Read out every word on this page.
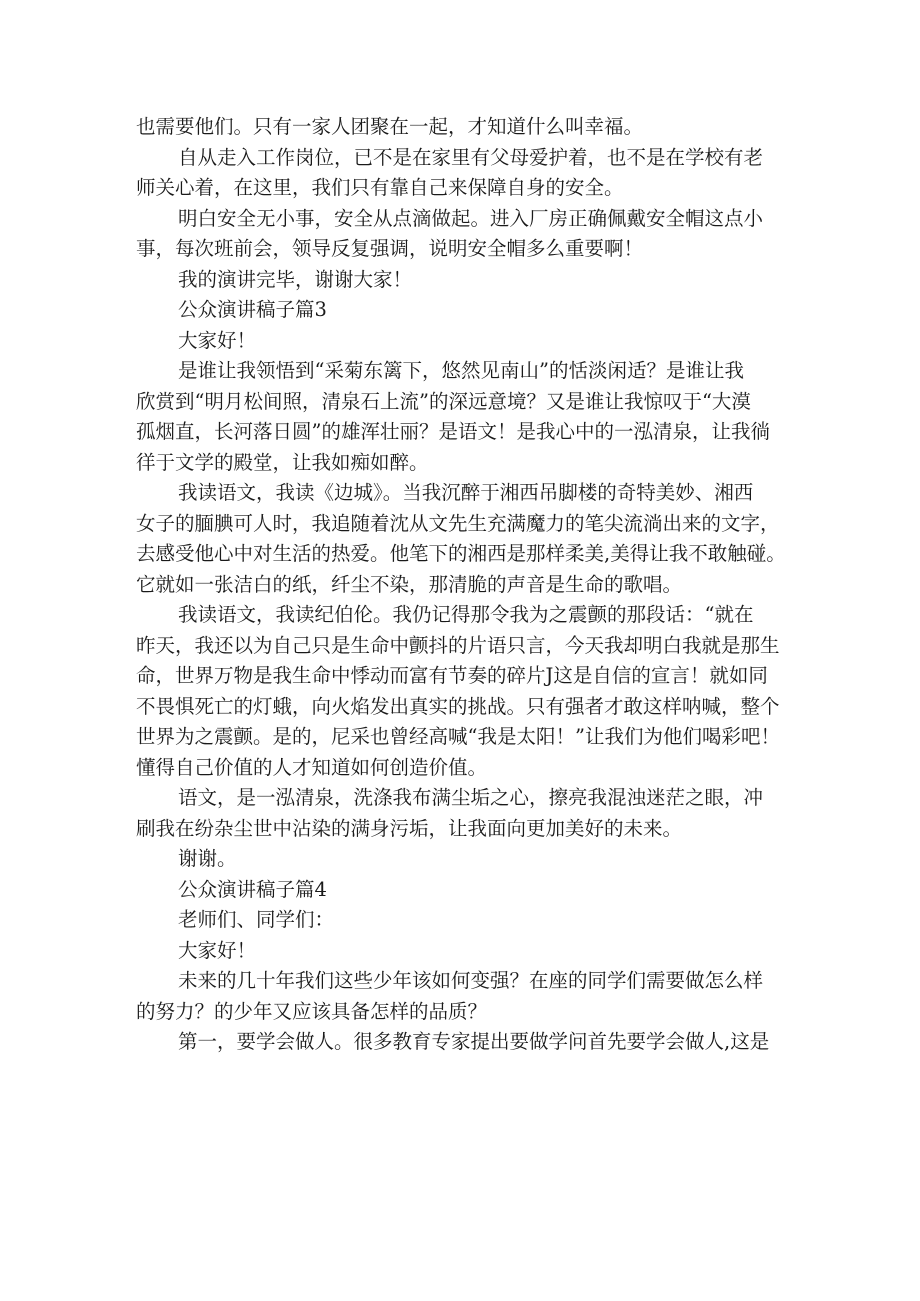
也需要他们。只有一家人团聚在一起，才知道什么叫幸福。
自从走入工作岗位，已不是在家里有父母爱护着，也不是在学校有老
师关心着，在这里，我们只有靠自己来保障自身的安全。
明白安全无小事，安全从点滴做起。进入厂房正确佩戴安全帽这点小
事，每次班前会，领导反复强调，说明安全帽多么重要啊！
我的演讲完毕，谢谢大家！
公众演讲稿子篇3
大家好！
是谁让我领悟到“采菊东篱下，悠然见南山”的恬淡闲适？是谁让我
欣赏到“明月松间照，清泉石上流”的深远意境？又是谁让我惊叹于“大漠
孤烟直，长河落日圆”的雄浑壮丽？是语文！是我心中的一泓清泉，让我徜
徉于文学的殿堂，让我如痴如醉。
我读语文，我读《边城》。当我沉醉于湘西吊脚楼的奇特美妙、湘西
女子的腼腆可人时，我追随着沈从文先生充满魔力的笔尖流淌出来的文字，
去感受他心中对生活的热爱。他笔下的湘西是那样柔美,美得让我不敢触碰。
它就如一张洁白的纸，纤尘不染，那清脆的声音是生命的歌唱。
我读语文，我读纪伯伦。我仍记得那令我为之震颤的那段话：“就在
昨天，我还以为自己只是生命中颤抖的片语只言，今天我却明白我就是那生
命，世界万物是我生命中悸动而富有节奏的碎片J这是自信的宣言！就如同
不畏惧死亡的灯蛾，向火焰发出真实的挑战。只有强者才敢这样呐喊，整个
世界为之震颤。是的，尼采也曾经高喊“我是太阳！”让我们为他们喝彩吧！
懂得自己价值的人才知道如何创造价值。
语文，是一泓清泉，洗涤我布满尘垢之心，擦亮我混浊迷茫之眼，冲
刷我在纷杂尘世中沾染的满身污垢，让我面向更加美好的未来。
谢谢。
公众演讲稿子篇4
老师们、同学们：
大家好！
未来的几十年我们这些少年该如何变强？在座的同学们需要做怎么样
的努力？的少年又应该具备怎样的品质？
第一，要学会做人。很多教育专家提出要做学问首先要学会做人,这是
